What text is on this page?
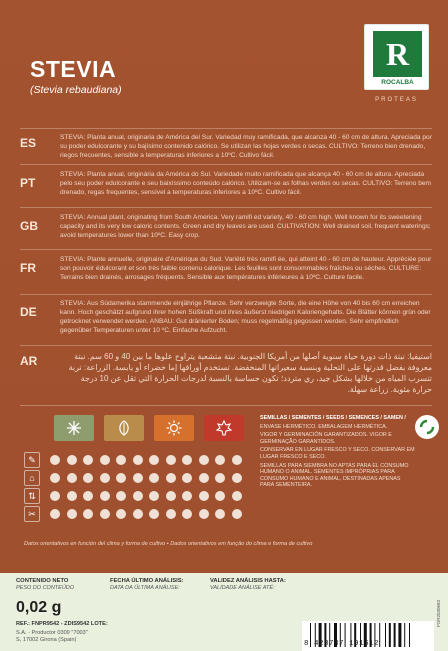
STEVIA
(Stevia rebaudiana)
R
ROCALBA
PROTEAS
ES	STEVIA: Planta anual, originaria de América del Sur. Variedad muy ramificada, que alcanza 40 - 60 cm de altura. Apreciada por su poder edulcorante y su bajísimo contenido calórico. Se utilizan las hojas verdes o secas. CULTIVO: Terreno bien drenado, riegos frecuentes, sensible a temperaturas inferiores a 10ºC. Cultivo fácil.
PT
STEVIA: Planta anual, originária da América do Sul. Variedade muito ramificada que alcança 40 - 60 cm de altura. Apreciada pelo seu poder edulcorante e seu baixíssimo conteúdo calórico. Utilizam-se as folhas verdes ou secas. CULTIVO: Terreno bem drenado, regas frequentes, sensível a temperaturas inferiores a 10ºC. Cultivo fácil.
GB
STEVIA: Annual plant, originating from South America. Very ramifi ed variety, 40 - 60 cm high. Well known for its sweetening capacity and its very low caloric contents. Green and dry leaves are used. CULTIVATION: Well drained soil, frequent waterings; avoid temperatures lower than 10ºC. Easy crop.
FR
STEVIA: Plante annuelle, originaire d'Amérique du Sud. Variété très ramifi ée, qui atteint 40 - 60 cm de hauteur. Appréciée pour son pouvoir édulcorant et son très faible contenu calorique. Les feuilles sont consommables fraîches ou séches. CULTURE: Terrains bien drainés, arrosages fréquents. Sensible aux températures inférieures à 10ºC. Culture facile.
DE
STEVIA: Aus Südamerika stammende einjährige Pflanze. Sehr verzweigte Sorte, die eine Höhe von 40 bis 60 cm erreichen kann. Hoch geschätzt aufgrund ihrer hohen Süßkraft und ihres äußerst niedrigen Kaloriengehalts. Die Blätter können grün oder getrocknet verwendet werden. ANBAU: Gut dränierter Boden; muss regelmäßig gegossen werden. Sehr empfindlich gegenüber Temperaturen unter 10 ºC. Einfache Aufzucht.
AR	استيفيا: نبتة ذات دورة حياة سنوية أصلها من أمريكا الجنوبية. نبتة متشعبة يتراوح علوها ما بين 40 و 60 سم. نبتة معروفة بفضل قدرتها على التحلية وبنسبة سعيراتها المنخفضة. تستخدم أوراقها إما خضراء أو يابسة. الزراعة: تربة تتسرب المياه من خلالها بشكل جيد، ري متردد؛ تكون حساسة بالنسبة لدرجات الحرارة التي تقل عن 10 درجة حرارة مئوية. زراعة سهلة.
✎
⌂
⇅
✂
SEMILLAS / SEMENTES / SEEDS / SEMENCES / SAMEN /
ENVASE HERMÉTICO. EMBALAGEM HERMÉTICA.
VIGOR Y GERMINACIÓN GARANTIZADOS. VIGOR E GERMINAÇÃO GARANTIDOS.
CONSERVAR EN LUGAR FRESCO Y SECO. CONSERVAR EM LUGAR FRESCO E SECO.
SEMILLAS PARA SIEMBRA NO APTAS PARA EL CONSUMO HUMANO O ANIMAL. SEMENTES IMPRÓPRIAS PARA CONSUMO HUMANO E ANIMAL, DESTINADAS APENAS PARA SEMENTEIRA.
Datos orientativos en función del clima y forma de cultivo • Dados orientativos em função do clima e forma de cultivo
CONTENIDO NETO
PESO DO CONTEÚDO
0,02 g
REF.: FNPR9542 - ZDIS9542 LOTE:
S.A. · Productor 0309 "7003"
S, 17002 Girona (Spain)
FECHA ÚLTIMO ANÁLISIS:
DATA DA ÚLTIMA ANÁLISE:
VALIDEZ ANÁLISIS HASTA:
VALIDADE ANÁLISE ATÉ:
8 423737 191612
FOR2030683
